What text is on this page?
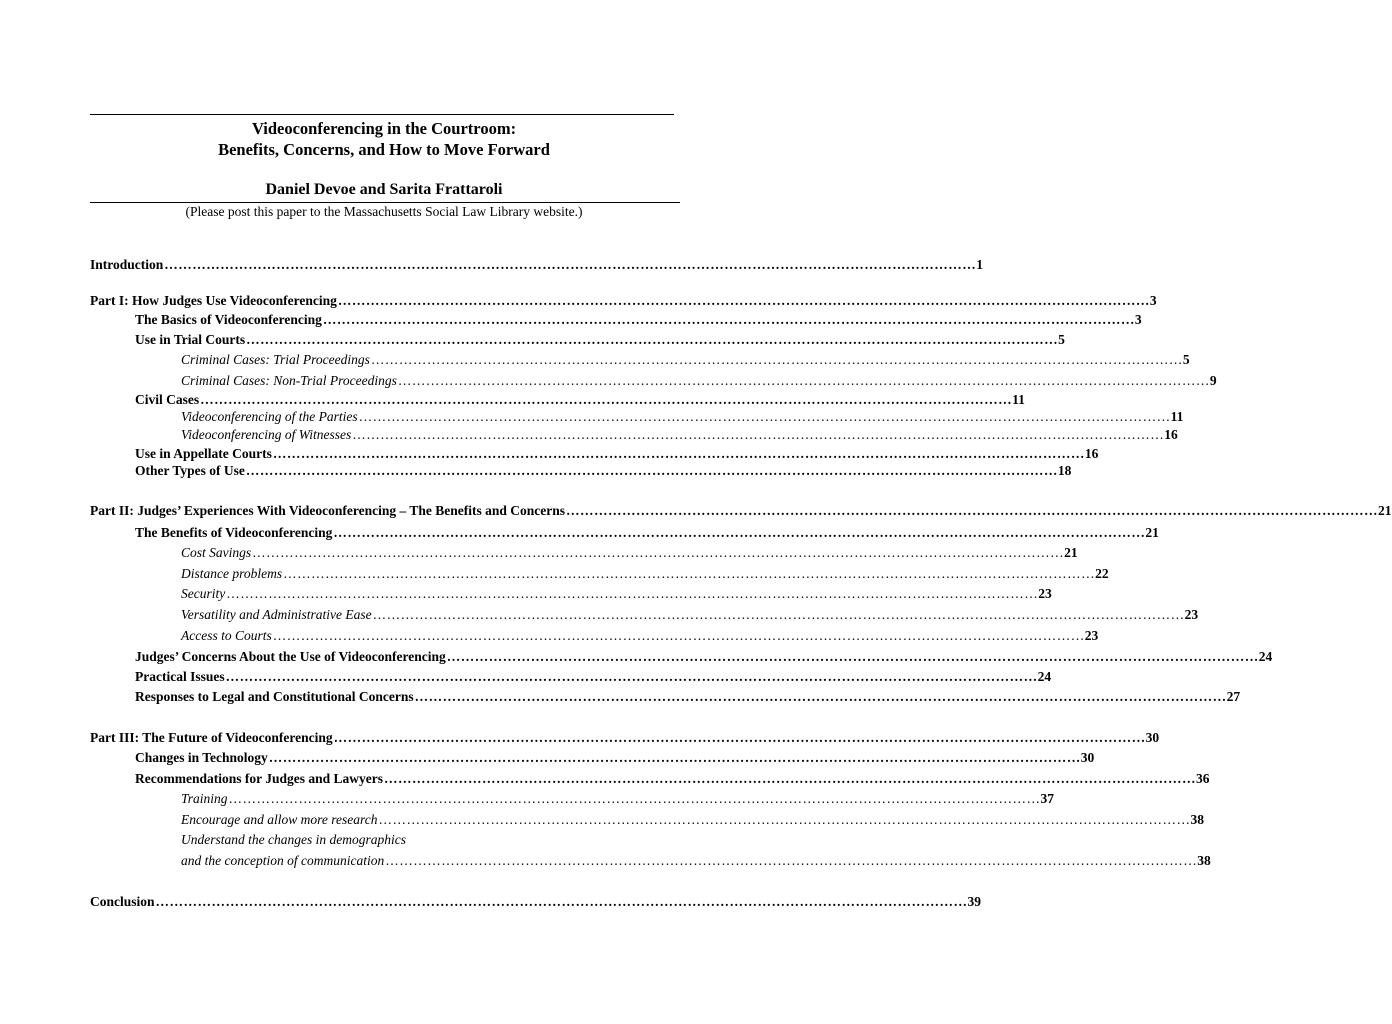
Videoconferencing in the Courtroom:
Benefits, Concerns, and How to Move Forward
Daniel Devoe and Sarita Frattaroli
(Please post this paper to the Massachusetts Social Law Library website.)
Introduction ………………………………………………………………………………………………………………………………………………………… 1
Part I: How Judges Use Videoconferencing ………………………………………………………………………………………………………………………………………………………… 3
The Basics of Videoconferencing ………………………………………………………………………………………………………………………………………………………… 3
Use in Trial Courts ………………………………………………………………………………………………………………………………………………………… 5
Criminal Cases: Trial Proceedings ………………………………………………………………………………………………………………………………………………………… 5
Criminal Cases: Non-Trial Proceedings ………………………………………………………………………………………………………………………………………………………… 9
Civil Cases ………………………………………………………………………………………………………………………………………………………… 11
Videoconferencing of the Parties ………………………………………………………………………………………………………………………………………………………… 11
Videoconferencing of Witnesses ………………………………………………………………………………………………………………………………………………………… 16
Use in Appellate Courts ………………………………………………………………………………………………………………………………………………………… 16
Other Types of Use ………………………………………………………………………………………………………………………………………………………… 18
Part II: Judges’ Experiences With Videoconferencing – The Benefits and Concerns ………………………………………………………………………………………………………………………………………………………… 21
The Benefits of Videoconferencing ………………………………………………………………………………………………………………………………………………………… 21
Cost Savings ………………………………………………………………………………………………………………………………………………………… 21
Distance problems ………………………………………………………………………………………………………………………………………………………… 22
Security ………………………………………………………………………………………………………………………………………………………… 23
Versatility and Administrative Ease ………………………………………………………………………………………………………………………………………………………… 23
Access to Courts ………………………………………………………………………………………………………………………………………………………… 23
Judges’ Concerns About the Use of Videoconferencing ………………………………………………………………………………………………………………………………………………………… 24
Practical Issues ………………………………………………………………………………………………………………………………………………………… 24
Responses to Legal and Constitutional Concerns ………………………………………………………………………………………………………………………………………………………… 27
Part III: The Future of Videoconferencing ………………………………………………………………………………………………………………………………………………………… 30
Changes in Technology ………………………………………………………………………………………………………………………………………………………… 30
Recommendations for Judges and Lawyers ………………………………………………………………………………………………………………………………………………………… 36
Training ………………………………………………………………………………………………………………………………………………………… 37
Encourage and allow more research ………………………………………………………………………………………………………………………………………………………… 38
Understand the changes in demographics
and the conception of communication ………………………………………………………………………………………………………………………………………………………… 38
Conclusion ………………………………………………………………………………………………………………………………………………………… 39
